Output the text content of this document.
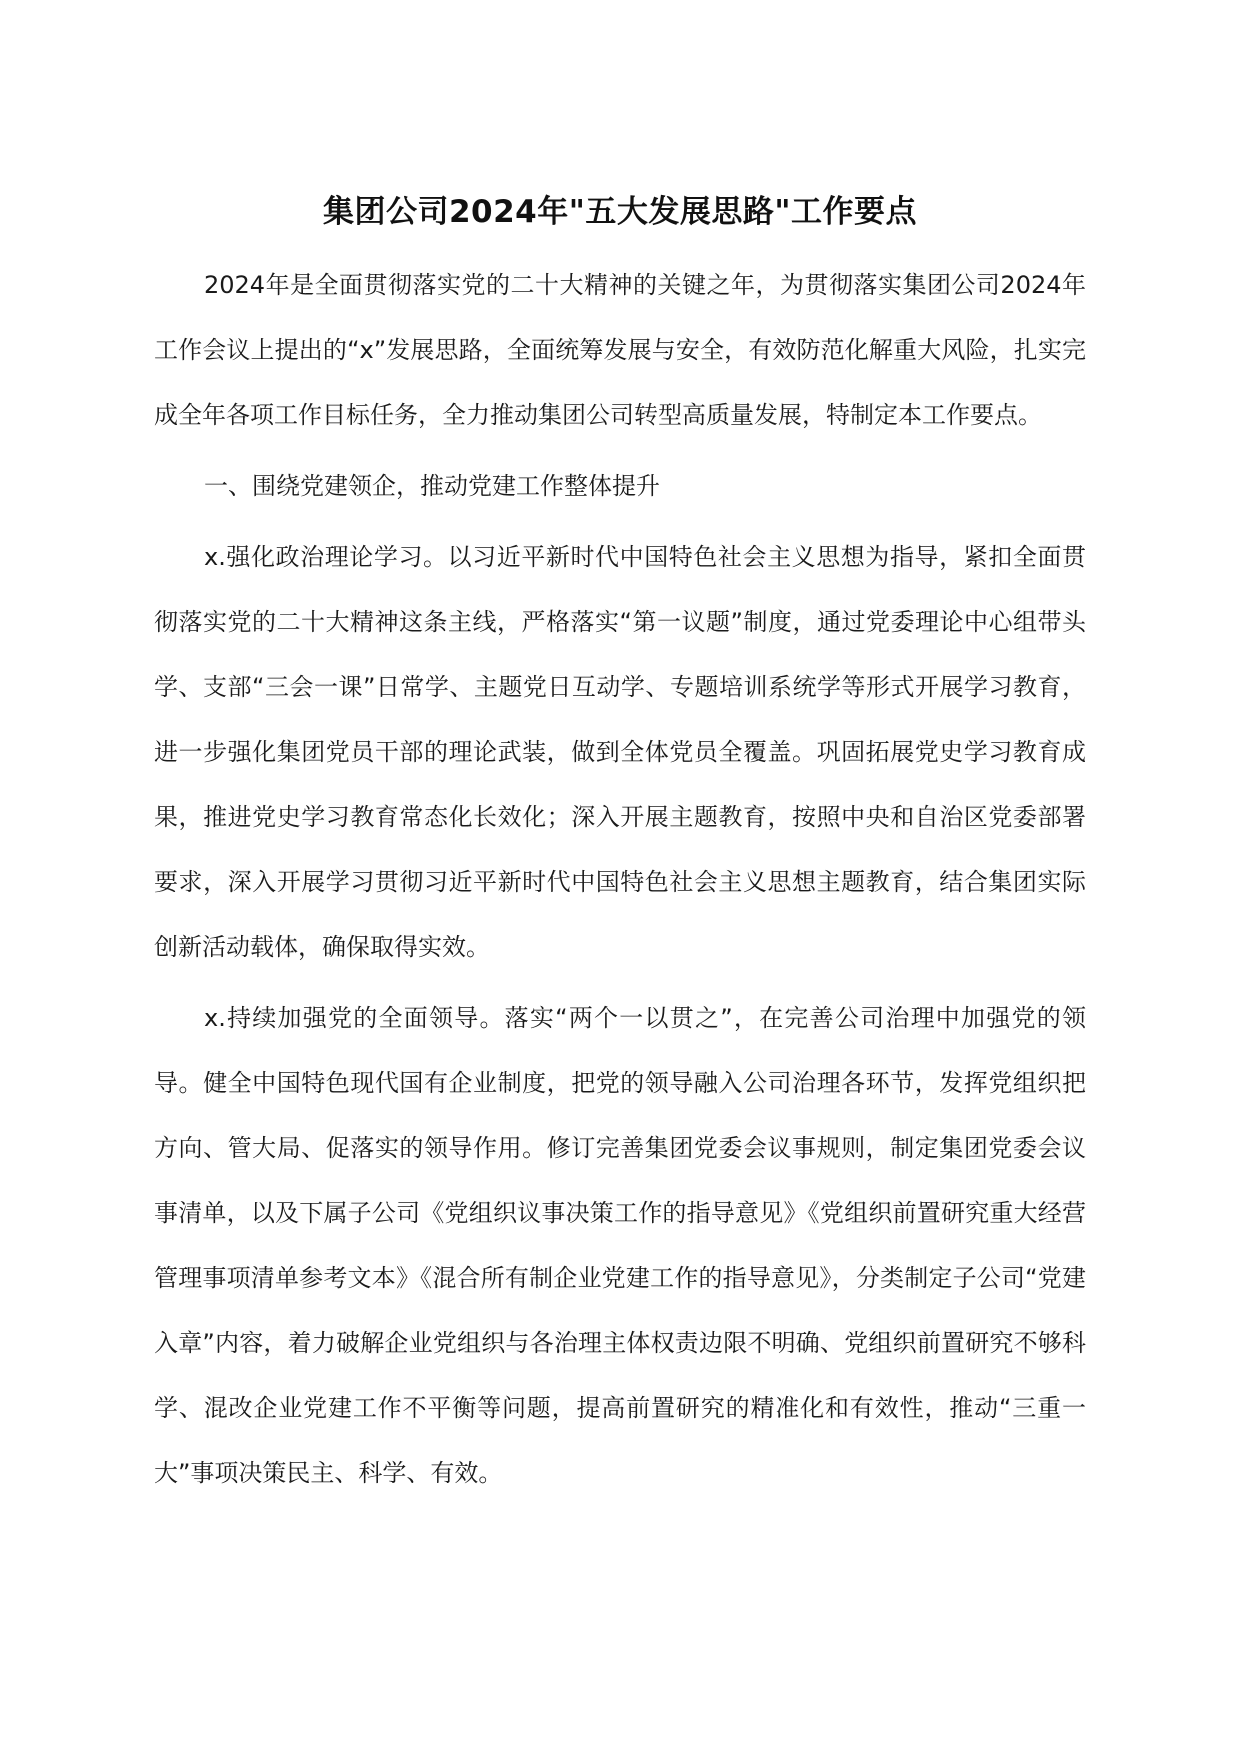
集团公司2024年"五大发展思路"工作要点

2024年是全面贯彻落实党的二十大精神的关键之年，为贯彻落实集团公司2024年工作会议上提出的“x”发展思路，全面统筹发展与安全，有效防范化解重大风险，扎实完成全年各项工作目标任务，全力推动集团公司转型高质量发展，特制定本工作要点。

一、围绕党建领企，推动党建工作整体提升

x.强化政治理论学习。以习近平新时代中国特色社会主义思想为指导，紧扣全面贯彻落实党的二十大精神这条主线，严格落实“第一议题”制度，通过党委理论中心组带头学、支部“三会一课”日常学、主题党日互动学、专题培训系统学等形式开展学习教育，进一步强化集团党员干部的理论武装，做到全体党员全覆盖。巩固拓展党史学习教育成果，推进党史学习教育常态化长效化；深入开展主题教育，按照中央和自治区党委部署要求，深入开展学习贯彻习近平新时代中国特色社会主义思想主题教育，结合集团实际创新活动载体，确保取得实效。

x.持续加强党的全面领导。落实“两个一以贯之”，在完善公司治理中加强党的领导。健全中国特色现代国有企业制度，把党的领导融入公司治理各环节，发挥党组织把方向、管大局、促落实的领导作用。修订完善集团党委会议事规则，制定集团党委会议事清单，以及下属子公司《党组织议事决策工作的指导意见》《党组织前置研究重大经营管理事项清单参考文本》《混合所有制企业党建工作的指导意见》，分类制定子公司“党建入章”内容，着力破解企业党组织与各治理主体权责边限不明确、党组织前置研究不够科学、混改企业党建工作不平衡等问题，提高前置研究的精准化和有效性，推动“三重一大”事项决策民主、科学、有效。
